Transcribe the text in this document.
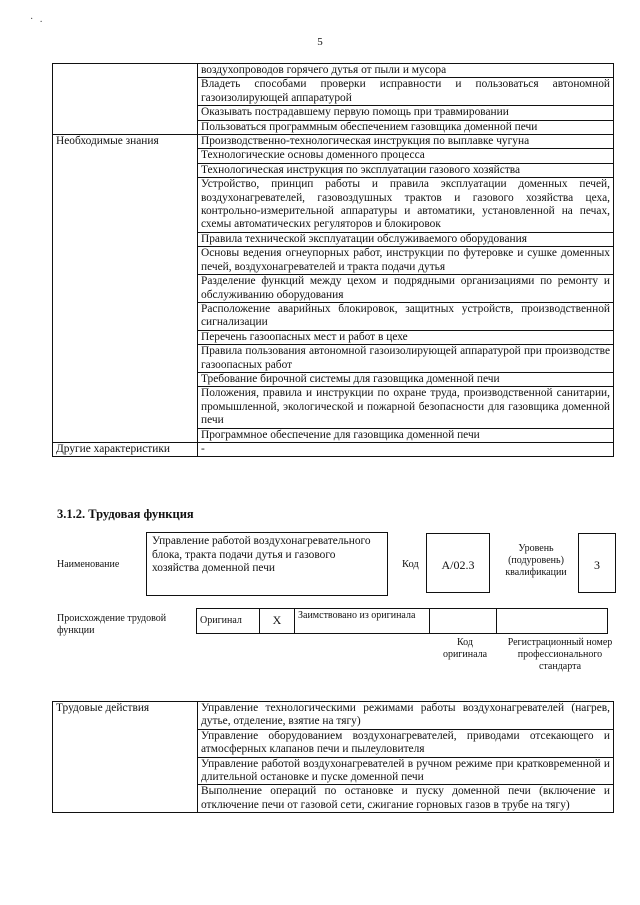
· .
5
	воздухопроводов горячего дутья от пыли и мусора
	Владеть способами проверки исправности и пользоваться автономной газоизолирующей аппаратурой
	Оказывать пострадавшему первую помощь при травмировании
	Пользоваться программным обеспечением газовщика доменной печи
Необходимые знания	Производственно-технологическая инструкция по выплавке чугуна
	Технологические основы доменного процесса
	Технологическая инструкция по эксплуатации газового хозяйства
	Устройство, принцип работы и правила эксплуатации доменных печей, воздухонагревателей, газовоздушных трактов и газового хозяйства цеха, контрольно-измерительной аппаратуры и автоматики, установленной на печах, схемы автоматических регуляторов и блокировок
	Правила технической эксплуатации обслуживаемого оборудования
	Основы ведения огнеупорных работ, инструкции по футеровке и сушке доменных печей, воздухонагревателей и тракта подачи дутья
	Разделение функций между цехом и подрядными организациями по ремонту и обслуживанию оборудования
	Расположение аварийных блокировок, защитных устройств, производственной сигнализации
	Перечень газоопасных мест и работ в цехе
	Правила пользования автономной газоизолирующей аппаратурой при производстве газоопасных работ
	Требование бирочной системы для газовщика доменной печи
	Положения, правила и инструкции по охране труда, производственной санитарии, промышленной, экологической и пожарной безопасности для газовщика доменной печи
	Программное обеспечение для газовщика доменной печи
Другие характеристики	-
3.1.2. Трудовая функция
Наименование
Управление работой воздухонагревательного блока, тракта подачи дутья и газового хозяйства доменной печи	Код	А/02.3
Уровень (подуровень) квалификации
3
Происхождение трудовой функции
Оригинал	X	Заимствовано из оригинала		
Код оригинала
Регистрационный номер профессионального стандарта
Трудовые действия	Управление технологическими режимами работы воздухонагревателей (нагрев, дутье, отделение, взятие на тягу)
Управление оборудованием воздухонагревателей, приводами отсекающего и атмосферных клапанов печи и пылеуловителя
Управление работой воздухонагревателей в ручном режиме при кратковременной и длительной остановке и пуске доменной печи
Выполнение операций по остановке и пуску доменной печи (включение и отключение печи от газовой сети, сжигание горновых газов в трубе на тягу)
